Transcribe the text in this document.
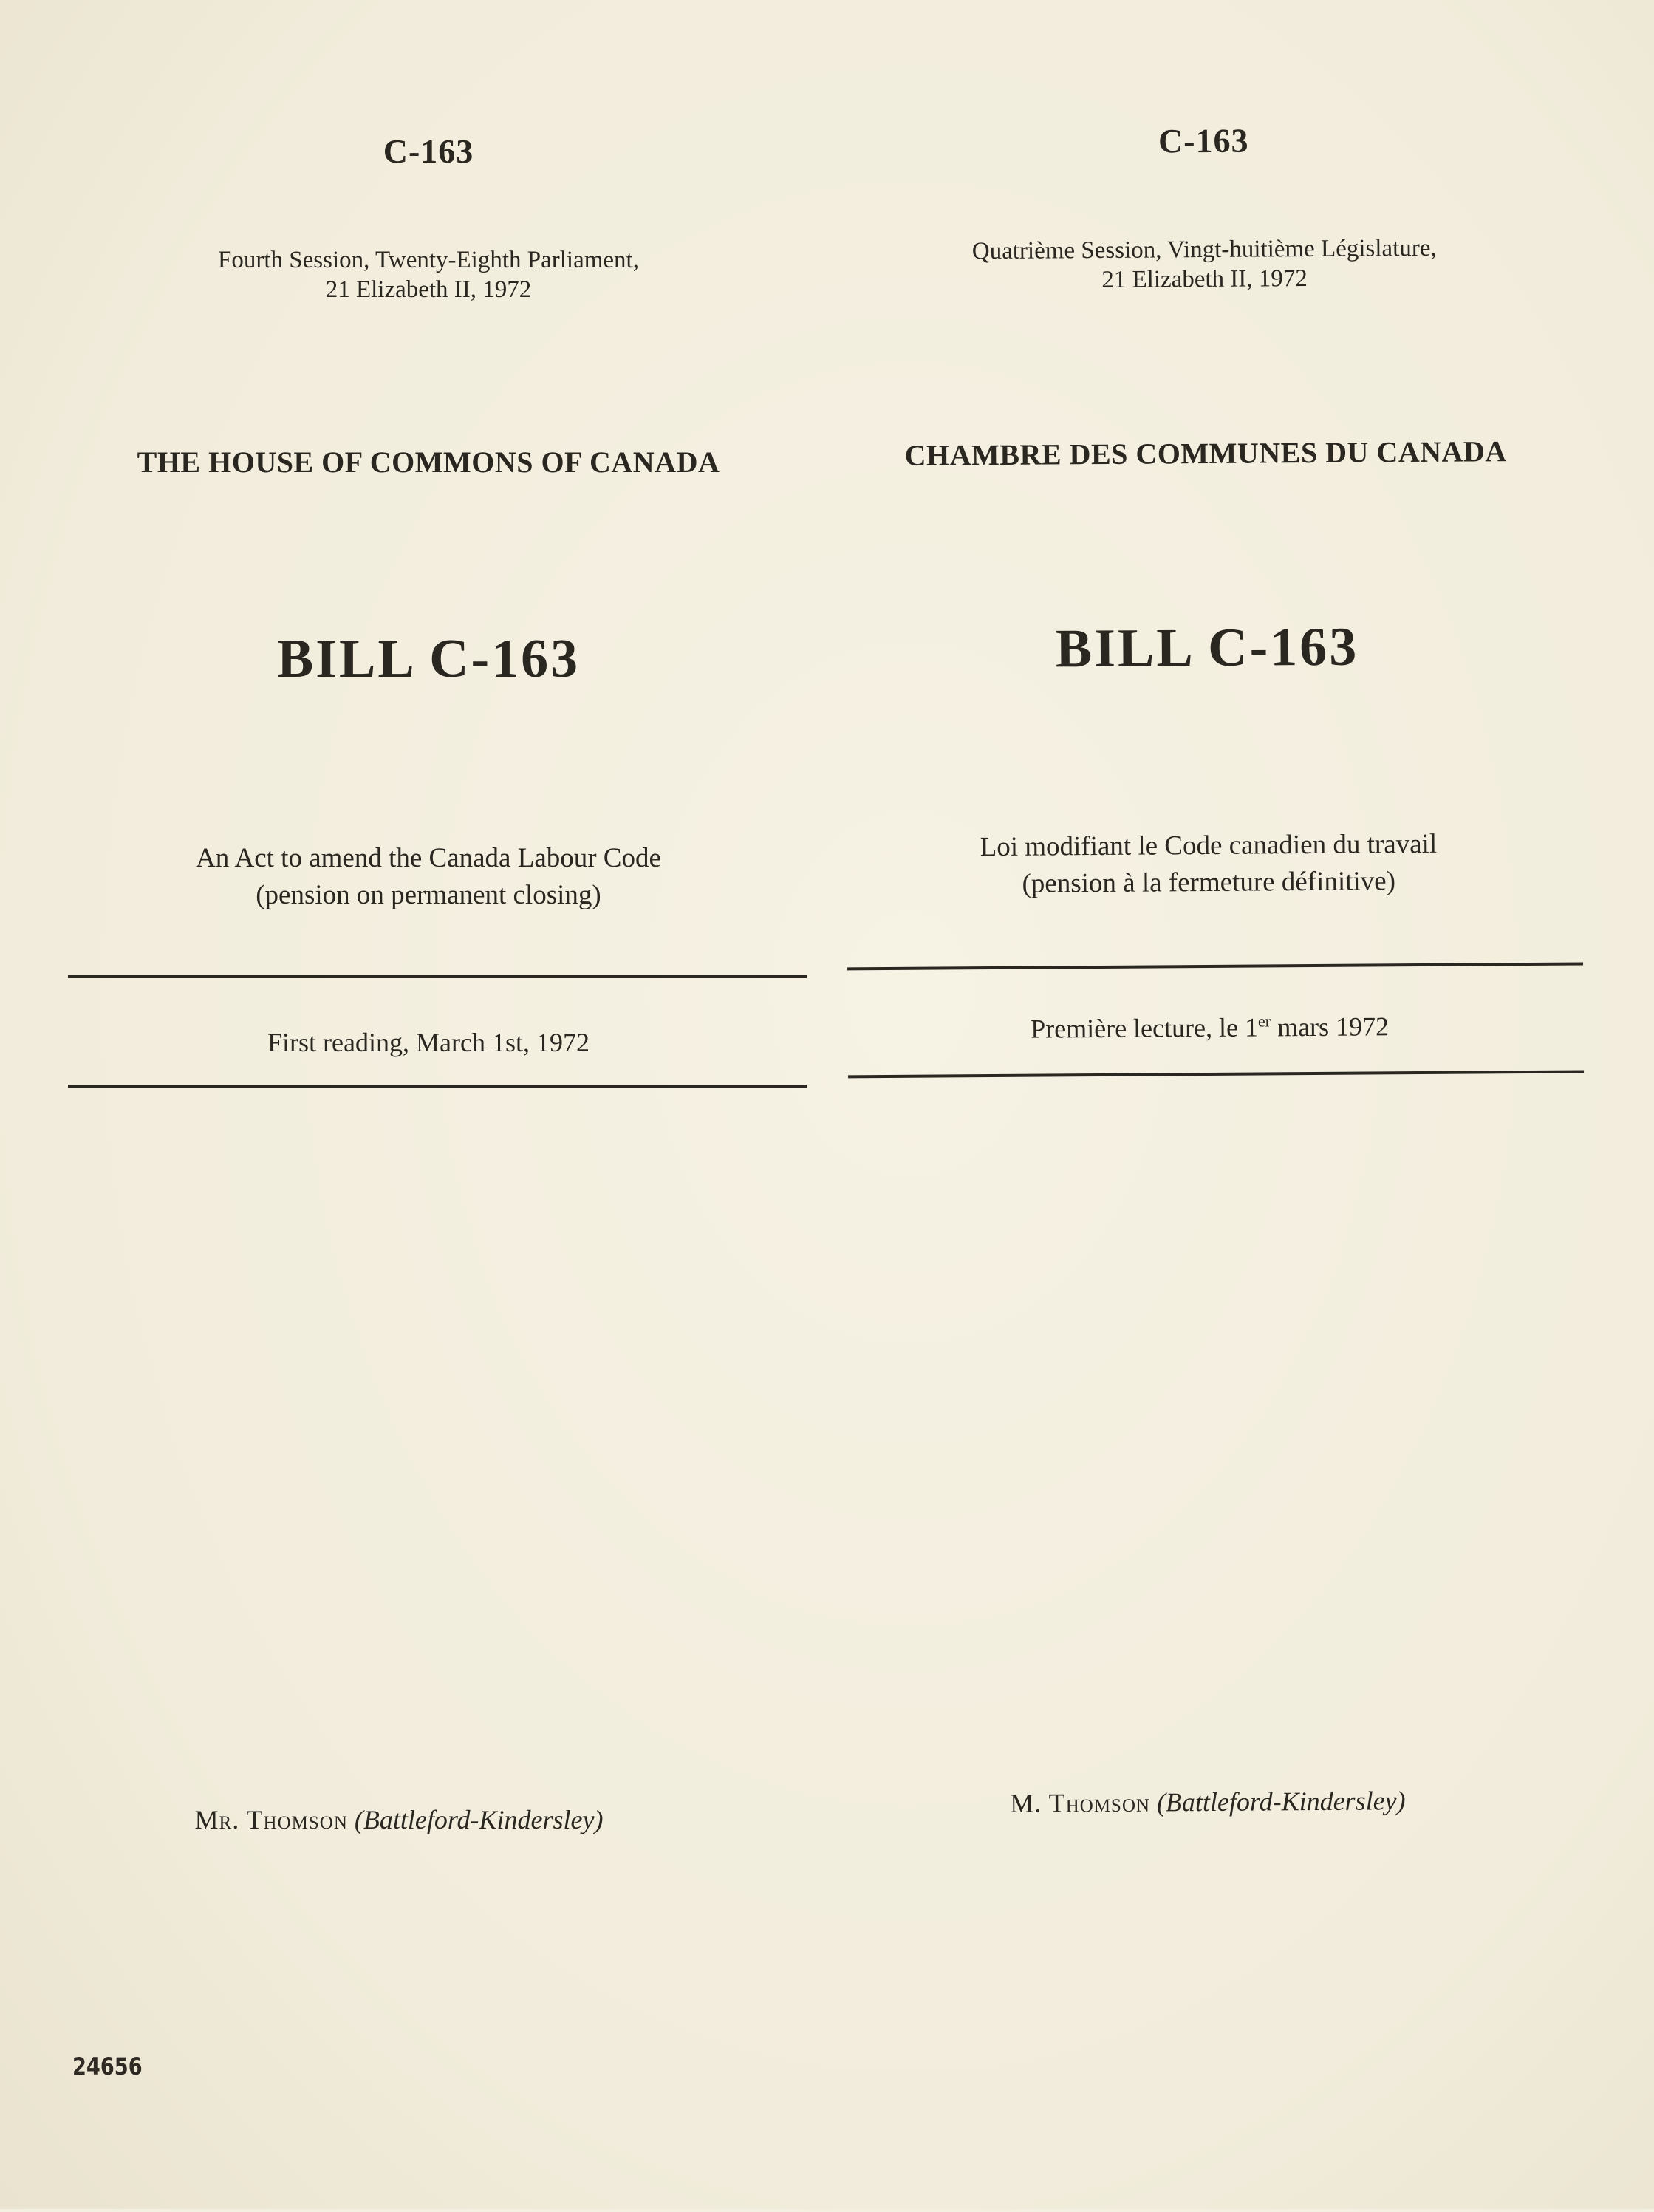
C-163
Fourth Session, Twenty-Eighth Parliament,
21 Elizabeth II, 1972
THE HOUSE OF COMMONS OF CANADA
BILL C-163
An Act to amend the Canada Labour Code
(pension on permanent closing)
First reading, March 1st, 1972
Mr. Thomson (Battleford-Kindersley)
C-163
Quatrième Session, Vingt-huitième Législature,
21 Elizabeth II, 1972
CHAMBRE DES COMMUNES DU CANADA
BILL C-163
Loi modifiant le Code canadien du travail
(pension à la fermeture définitive)
Première lecture, le 1er mars 1972
M. Thomson (Battleford-Kindersley)
24656
